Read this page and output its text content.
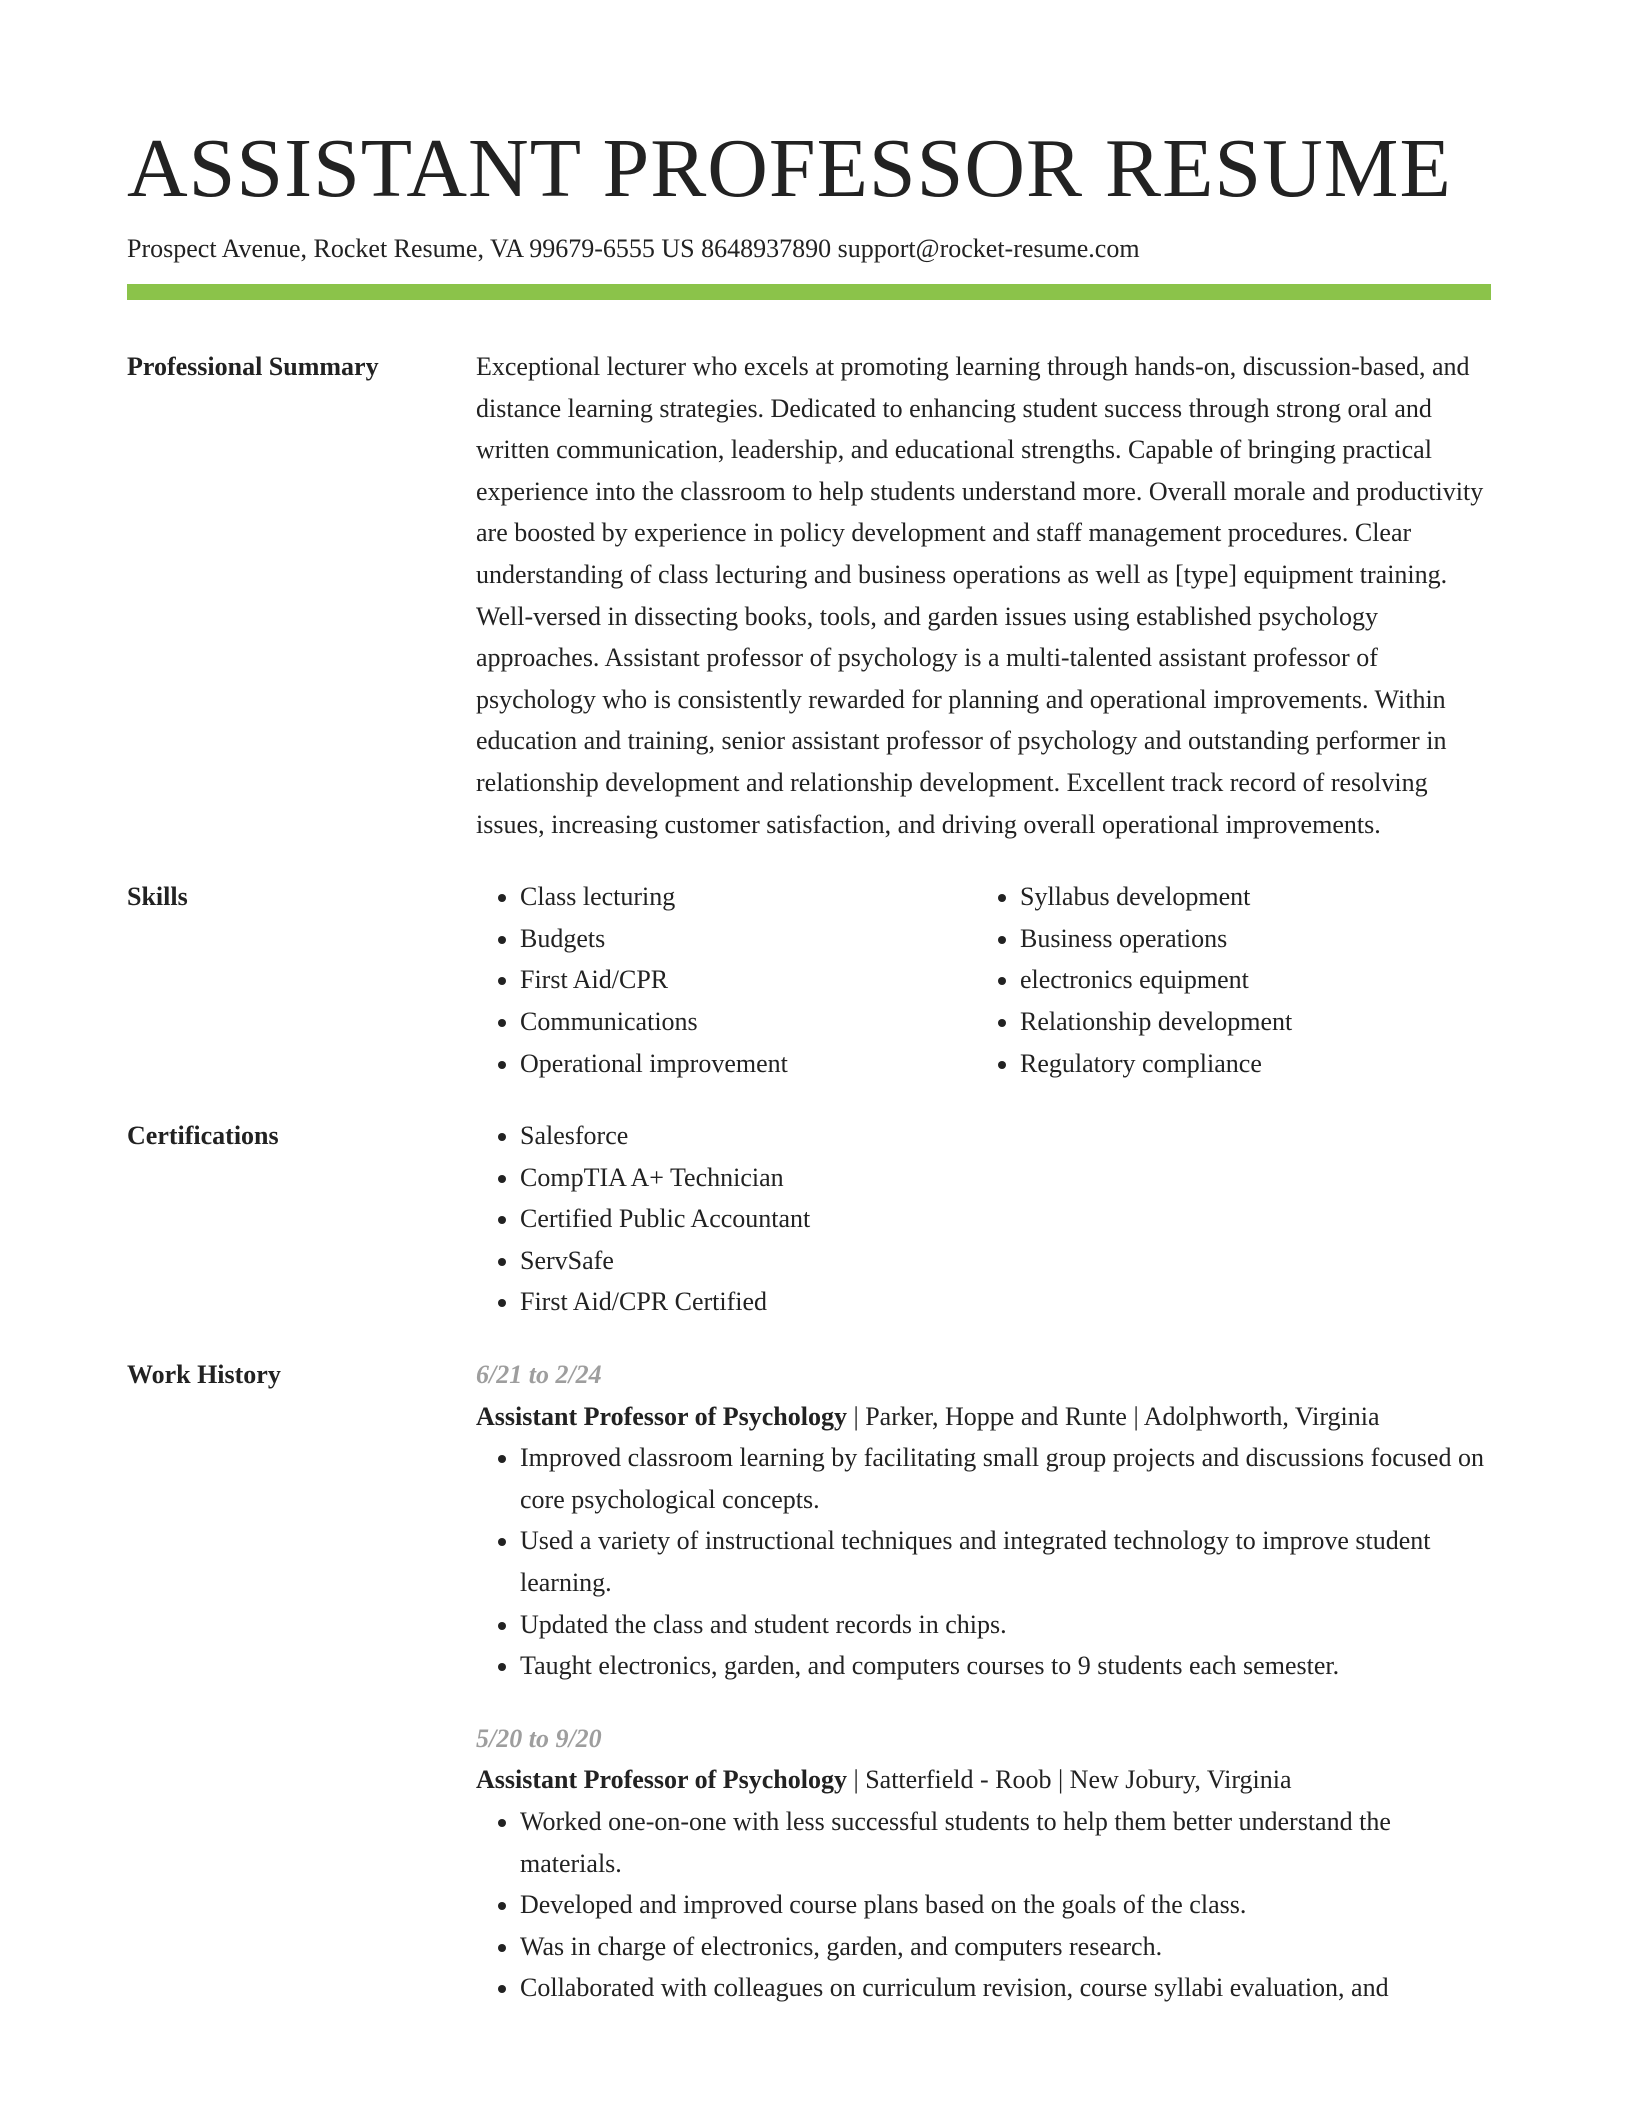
ASSISTANT PROFESSOR RESUME
Prospect Avenue, Rocket Resume, VA 99679-6555 US 8648937890 support@rocket-resume.com
Professional Summary	Exceptional lecturer who excels at promoting learning through hands-on, discussion-based, and distance learning strategies. Dedicated to enhancing student success through strong oral and written communication, leadership, and educational strengths. Capable of bringing practical experience into the classroom to help students understand more. Overall morale and productivity are boosted by experience in policy development and staff management procedures. Clear understanding of class lecturing and business operations as well as [type] equipment training. Well-versed in dissecting books, tools, and garden issues using established psychology approaches. Assistant professor of psychology is a multi-talented assistant professor of psychology who is consistently rewarded for planning and operational improvements. Within education and training, senior assistant professor of psychology and outstanding performer in relationship development and relationship development. Excellent track record of resolving issues, increasing customer satisfaction, and driving overall operational improvements.
Skills	• Class lecturing
• Budgets
• First Aid/CPR
• Communications
• Operational improvement
• Syllabus development
• Business operations
• electronics equipment
• Relationship development
• Regulatory compliance
Certifications	• Salesforce
• CompTIA A+ Technician
• Certified Public Accountant
• ServSafe
• First Aid/CPR Certified
Work History	6/21 to 2/24
Assistant Professor of Psychology | Parker, Hoppe and Runte | Adolphworth, Virginia
• Improved classroom learning by facilitating small group projects and discussions focused on core psychological concepts.
• Used a variety of instructional techniques and integrated technology to improve student learning.
• Updated the class and student records in chips.
• Taught electronics, garden, and computers courses to 9 students each semester.
5/20 to 9/20
Assistant Professor of Psychology | Satterfield - Roob | New Jobury, Virginia
• Worked one-on-one with less successful students to help them better understand the materials.
• Developed and improved course plans based on the goals of the class.
• Was in charge of electronics, garden, and computers research.
• Collaborated with colleagues on curriculum revision, course syllabi evaluation, and
